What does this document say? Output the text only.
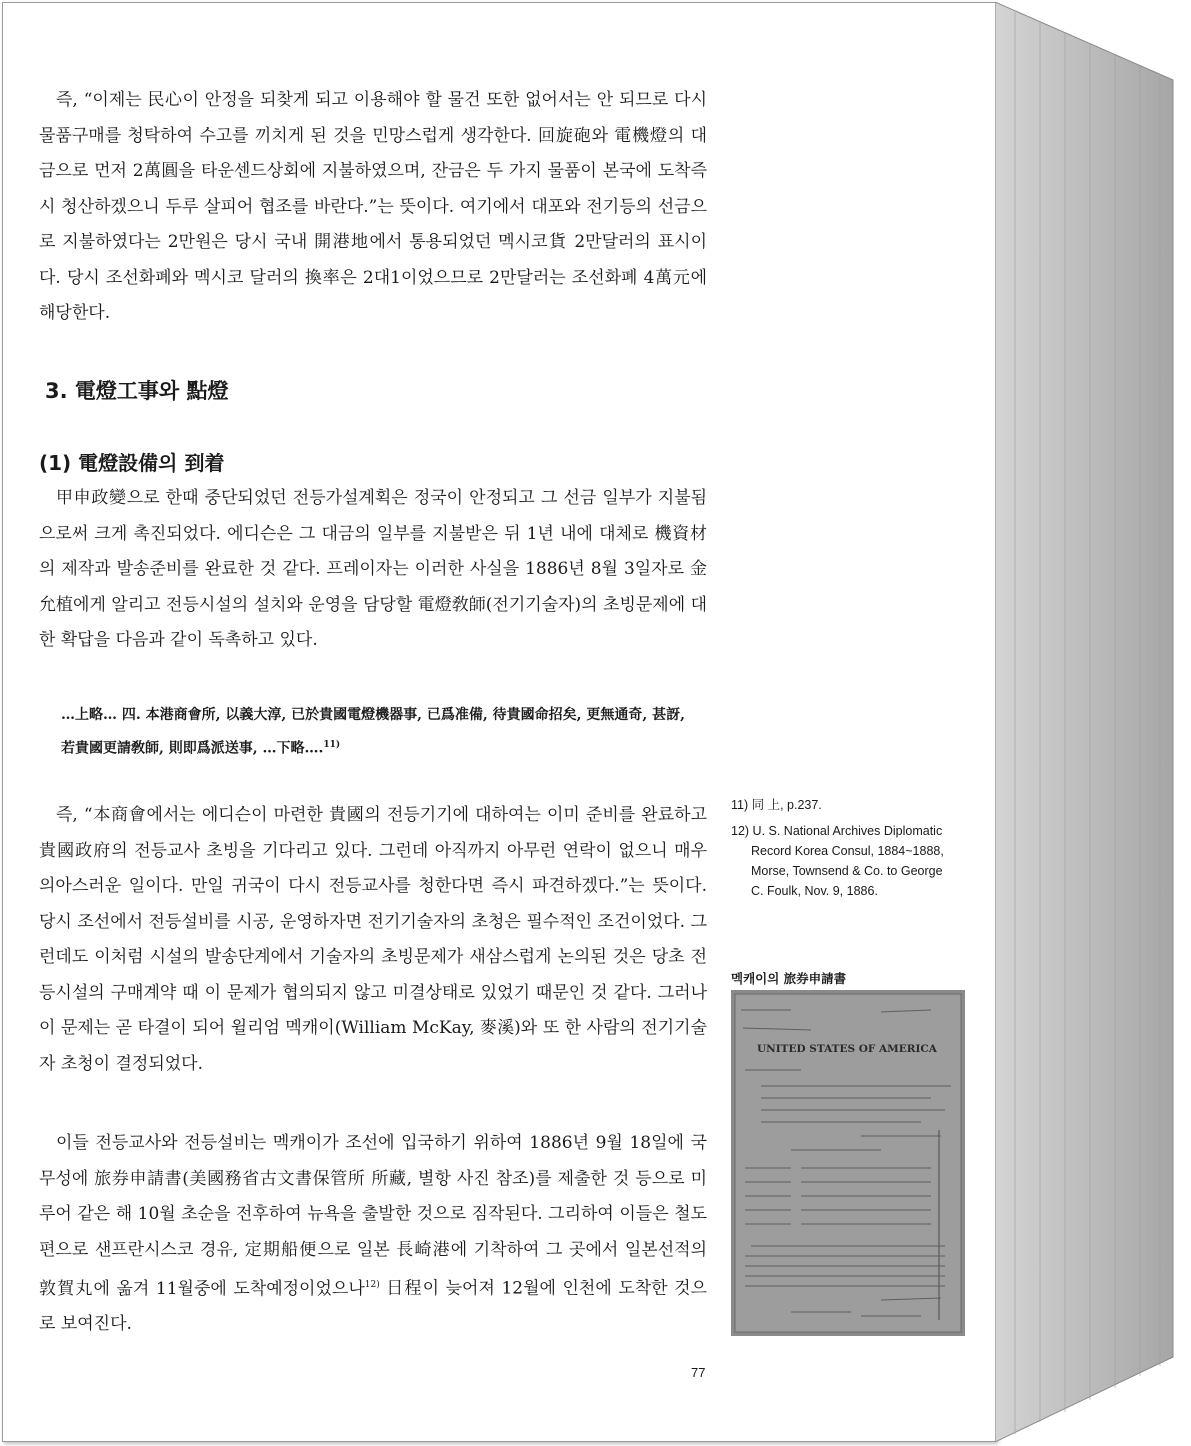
즉, “이제는 民心이 안정을 되찾게 되고 이용해야 할 물건 또한 없어서는 안 되므로 다시 물품구매를 청탁하여 수고를 끼치게 된 것을 민망스럽게 생각한다. 回旋砲와 電機燈의 대금으로 먼저 2萬圓을 타운센드상회에 지불하였으며, 잔금은 두 가지 물품이 본국에 도착즉시 청산하겠으니 두루 살피어 협조를 바란다.”는 뜻이다. 여기에서 대포와 전기등의 선금으로 지불하였다는 2만원은 당시 국내 開港地에서 통용되었던 멕시코貨 2만달러의 표시이다. 당시 조선화폐와 멕시코 달러의 換率은 2대1이었으므로 2만달러는 조선화폐 4萬元에 해당한다.

3. 電燈工事와 點燈
(1) 電燈設備의 到着

甲申政變으로 한때 중단되었던 전등가설계획은 정국이 안정되고 그 선금 일부가 지불됨으로써 크게 촉진되었다. 에디슨은 그 대금의 일부를 지불받은 뒤 1년 내에 대체로 機資材의 제작과 발송준비를 완료한 것 같다. 프레이자는 이러한 사실을 1886년 8월 3일자로 金允植에게 알리고 전등시설의 설치와 운영을 담당할 電燈敎師(전기기술자)의 초빙문제에 대한 확답을 다음과 같이 독촉하고 있다.

…上略… 四. 本港商會所, 以義大淳, 已於貴國電燈機器事, 已爲准備, 待貴國命招矣, 更無通奇, 甚訝, 若貴國更請敎師, 則即爲派送事, …下略….$^{11)}$

즉, “本商會에서는 에디슨이 마련한 貴國의 전등기기에 대하여는 이미 준비를 완료하고 貴國政府의 전등교사 초빙을 기다리고 있다. 그런데 아직까지 아무런 연락이 없으니 매우 의아스러운 일이다. 만일 귀국이 다시 전등교사를 청한다면 즉시 파견하겠다.”는 뜻이다. 당시 조선에서 전등설비를 시공, 운영하자면 전기기술자의 초청은 필수적인 조건이었다. 그런데도 이처럼 시설의 발송단계에서 기술자의 초빙문제가 새삼스럽게 논의된 것은 당초 전등시설의 구매계약 때 이 문제가 협의되지 않고 미결상태로 있었기 때문인 것 같다. 그러나 이 문제는 곧 타결이 되어 윌리엄 멕캐이(William McKay, 麥溪)와 또 한 사람의 전기기술자 초청이 결정되었다.

이들 전등교사와 전등설비는 멕캐이가 조선에 입국하기 위하여 1886년 9월 18일에 국무성에 旅券申請書(美國務省古文書保管所 所藏, 별항 사진 참조)를 제출한 것 등으로 미루어 같은 해 10월 초순을 전후하여 뉴욕을 출발한 것으로 짐작된다. 그리하여 이들은 철도편으로 샌프란시스코 경유, 定期船便으로 일본 長崎港에 기착하여 그 곳에서 일본선적의 敦賀丸에 옮겨 11월중에 도착예정이었으나$^{12)}$ 日程이 늦어져 12월에 인천에 도착한 것으로 보여진다.

11) 同 上, p.237.
12) U. S. National Archives Diplomatic
Record Korea Consul, 1884~1888,
Morse, Townsend & Co. to George
C. Foulk, Nov. 9, 1886.

멕캐이의 旅券申請書

UNITED STATES OF AMERICA
77
